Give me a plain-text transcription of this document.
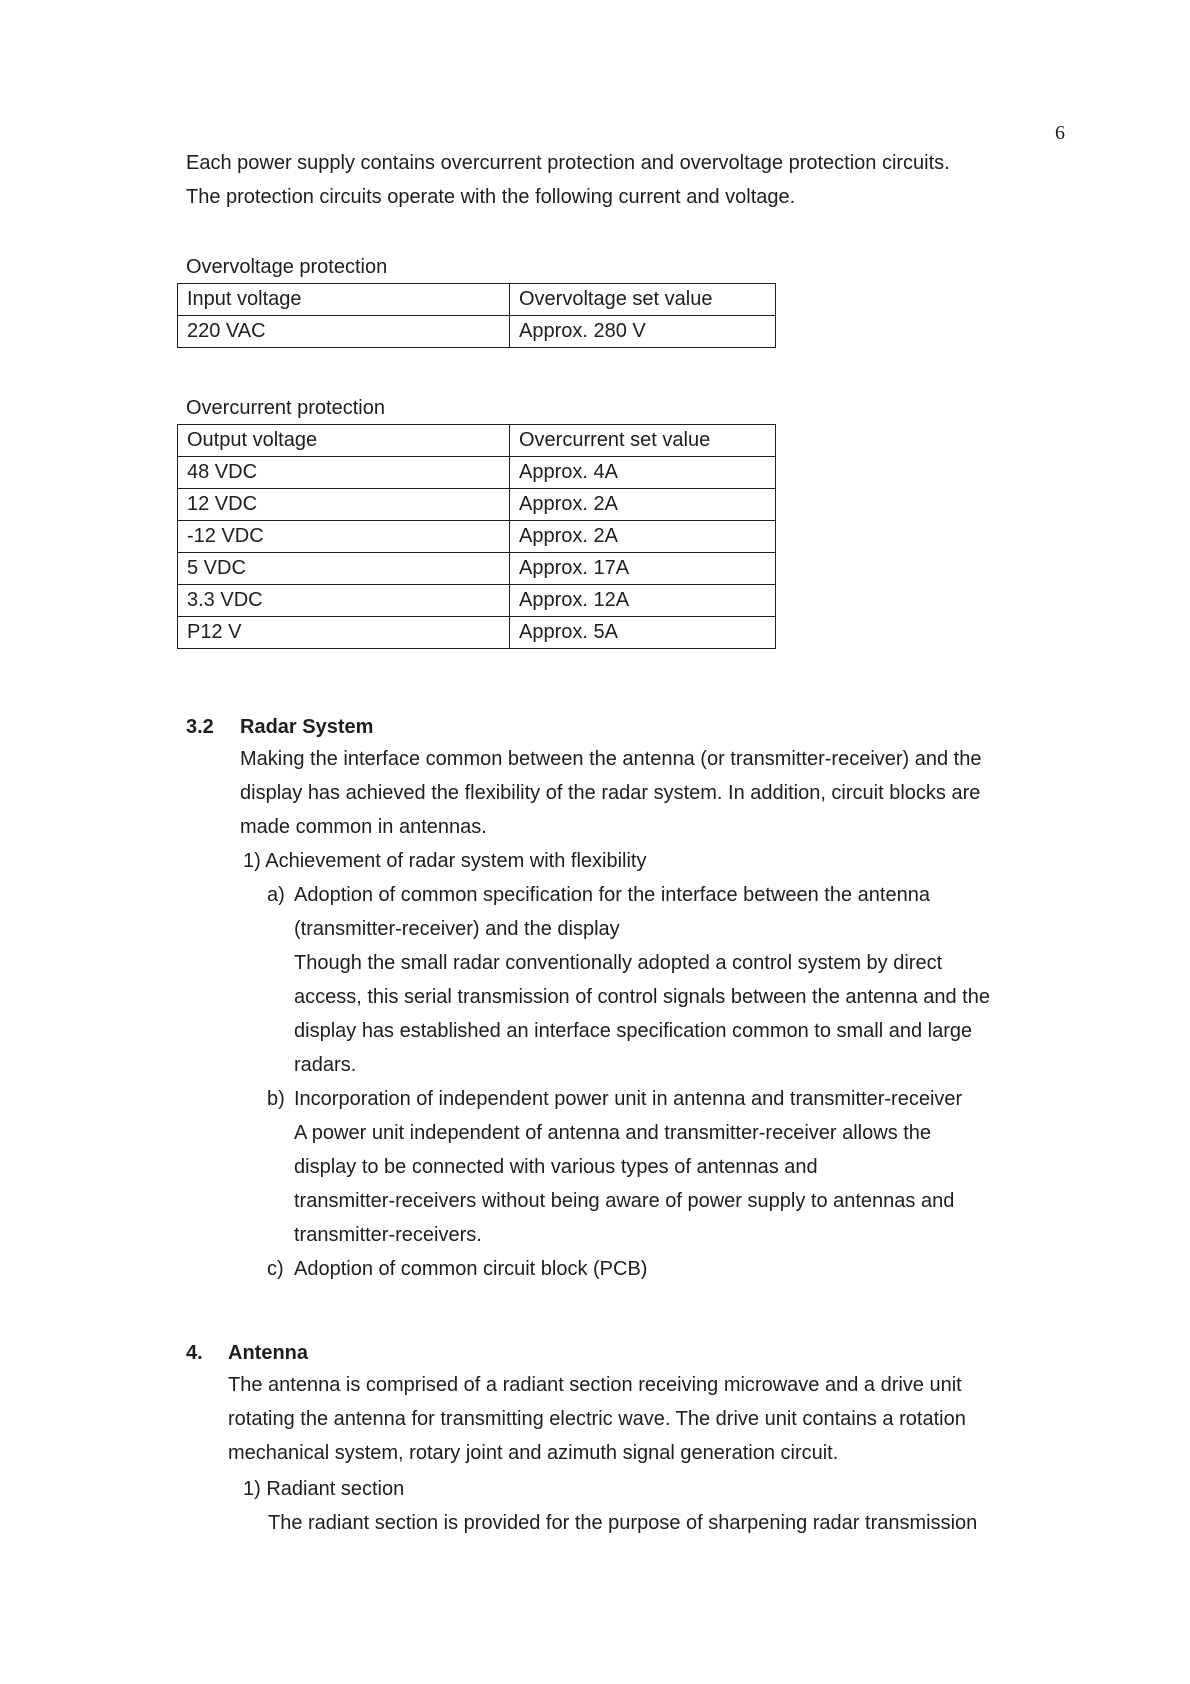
6
Each power supply contains overcurrent protection and overvoltage protection circuits.
The protection circuits operate with the following current and voltage.
Overvoltage protection
Input voltage	Overvoltage set value
220 VAC	Approx. 280 V
Overcurrent protection
Output voltage	Overcurrent set value
48 VDC	Approx. 4A
12 VDC	Approx. 2A
-12 VDC	Approx. 2A
5 VDC	Approx. 17A
3.3 VDC	Approx. 12A
P12 V	Approx. 5A
3.2 Radar System
Making the interface common between the antenna (or transmitter-receiver) and the
display has achieved the flexibility of the radar system. In addition, circuit blocks are
made common in antennas.
1) Achievement of radar system with flexibility
a) Adoption of common specification for the interface between the antenna
(transmitter-receiver) and the display
Though the small radar conventionally adopted a control system by direct
access, this serial transmission of control signals between the antenna and the
display has established an interface specification common to small and large
radars.
b) Incorporation of independent power unit in antenna and transmitter-receiver
A power unit independent of antenna and transmitter-receiver allows the
display to be connected with various types of antennas and
transmitter-receivers without being aware of power supply to antennas and
transmitter-receivers.
c) Adoption of common circuit block (PCB)
4. Antenna
The antenna is comprised of a radiant section receiving microwave and a drive unit
rotating the antenna for transmitting electric wave. The drive unit contains a rotation
mechanical system, rotary joint and azimuth signal generation circuit.
1) Radiant section
The radiant section is provided for the purpose of sharpening radar transmission
